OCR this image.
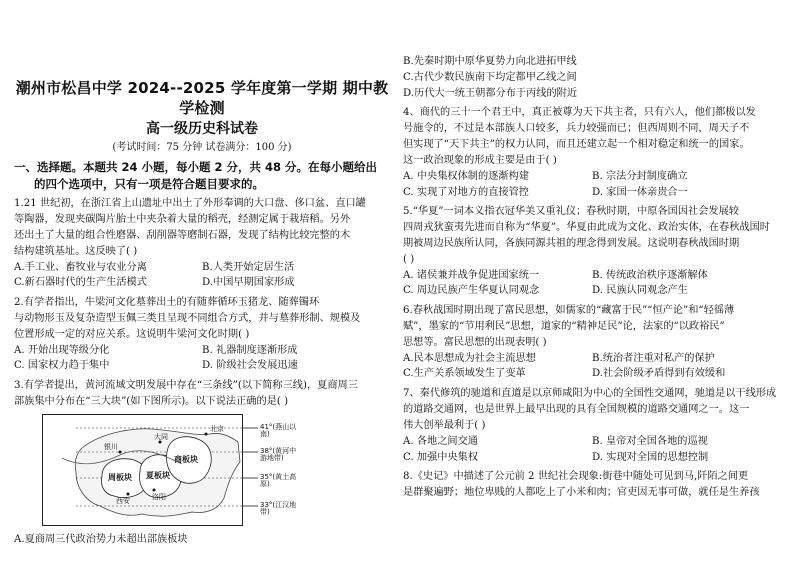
潮州市松昌中学 2024--2025 学年度第一学期 期中教

学检测

高一级历史科试卷

(考试时间：75 分钟 试卷满分：100 分)

一、选择题。本题共 24 小题，每小题 2 分，共 48 分。在每小题给出

的四个选项中，只有一项是符合题目要求的。

1.21 世纪初，在浙江省上山遗址中出土了外形奉调的大口盘、侈口盆、直口罐

等陶器，发现夹碳陶片胎土中夹杂着大量的稻壳，经测定属于栽培稻。另外

还出土了大量的组合性磨器、刮削器等磨制石器，发现了结构比较完整的木

结构建筑基址。这反映了( )

A.手工业、畜牧业与农业分离	B.人类开始定居生活
C.新石器时代的生产生活模式	D.中国早期国家形成

2.有学者指出，牛梁河文化墓葬出土的有随葬循环玉猪龙、随葬镯环

与动物形玉及复杂造型玉佩三类且呈现不同组合方式，并与墓葬形制、规模及

位置形成一定的对应关系。这说明牛梁河文化时期( )

A. 开始出现等级分化	B. 礼器制度逐渐形成
C. 国家权力趋于集中	D. 阶级社会发展迅速

3.有学者提出，黄河流域文明发展中存在“三条线”(以下简称三线)，夏商周三

部族集中分布在“三大块”(如下图所示)。以下说法正确的是( )

41°(燕山以南)
38°(黄河中游地带)
35°(黄土高原)
33°(江汉地带)
银川
大同
北京
西安	洛阳
周板块 夏板块
商板块

A.夏商周三代政治势力未超出部族板块

B.先秦时期中原华夏势力向北进拓甲线

C.古代少数民族南下均定都甲乙线之间

D.历代大一统王朝都分布于丙线的附近

4、商代的三十一个君王中，真正被尊为天下共主者，只有六人，他们都极以发

号施令的，不过是本部族人口较多，兵力较强而已；但西周则不同，周天子不

但实现了“天下共主”的权力认同，而且还建立起一个相对稳定和统一的国家。

这一政治现象的形成主要是由于( )

A. 中央集权体制的逐渐构建	B. 宗法分封制度确立
C. 实现了对地方的直接管控	D. 家国一体亲贵合一

5.“华夏”一词本义指衣冠华美又重礼仪；春秋时期，中原各国因社会发展较

四周戎狄蛮夷先进而自称为“华夏”。华夏由此成为文化、政治实体，在春秋战国时

期被周边民族所认同，各族同源共祖的理念得到发展。这说明春秋战国时期

( )

A. 诸侯兼并战争促进国家统一	B. 传统政治秩序逐渐解体
C. 周边民族产生华夏认同观念	D. 民族认同观念产生

6.春秋战国时期出现了富民思想，如儒家的“藏富于民”“恒产论”和“轻徭薄

赋”，墨家的“节用利民”思想，道家的“精神足民”论，法家的“以政裕民”

思想等。富民思想的出现表明( )

A.民本思想成为社会主流思想	B.统治者注重对私产的保护
C.生产关系领域发生了变革	D.社会阶级矛盾得到有效缓和

7、秦代修筑的驰道和直道是以京师咸阳为中心的全国性交通网，驰道是以干线形成

的道路交通网，也是世界上最早出现的具有全国规模的道路交通网之一。这一

伟大创举最利于( )

A. 各地之间交通	B. 皇帝对全国各地的巡视
C. 加强中央集权	D. 实现对全国的思想控制

8.《史记》中描述了公元前 2 世纪社会现象:街巷中随处可见到马,阡陌之间更

是群聚遍野；地位卑贱的人都吃上了小米和肉；官吏因无事可做，就任是生养孩
